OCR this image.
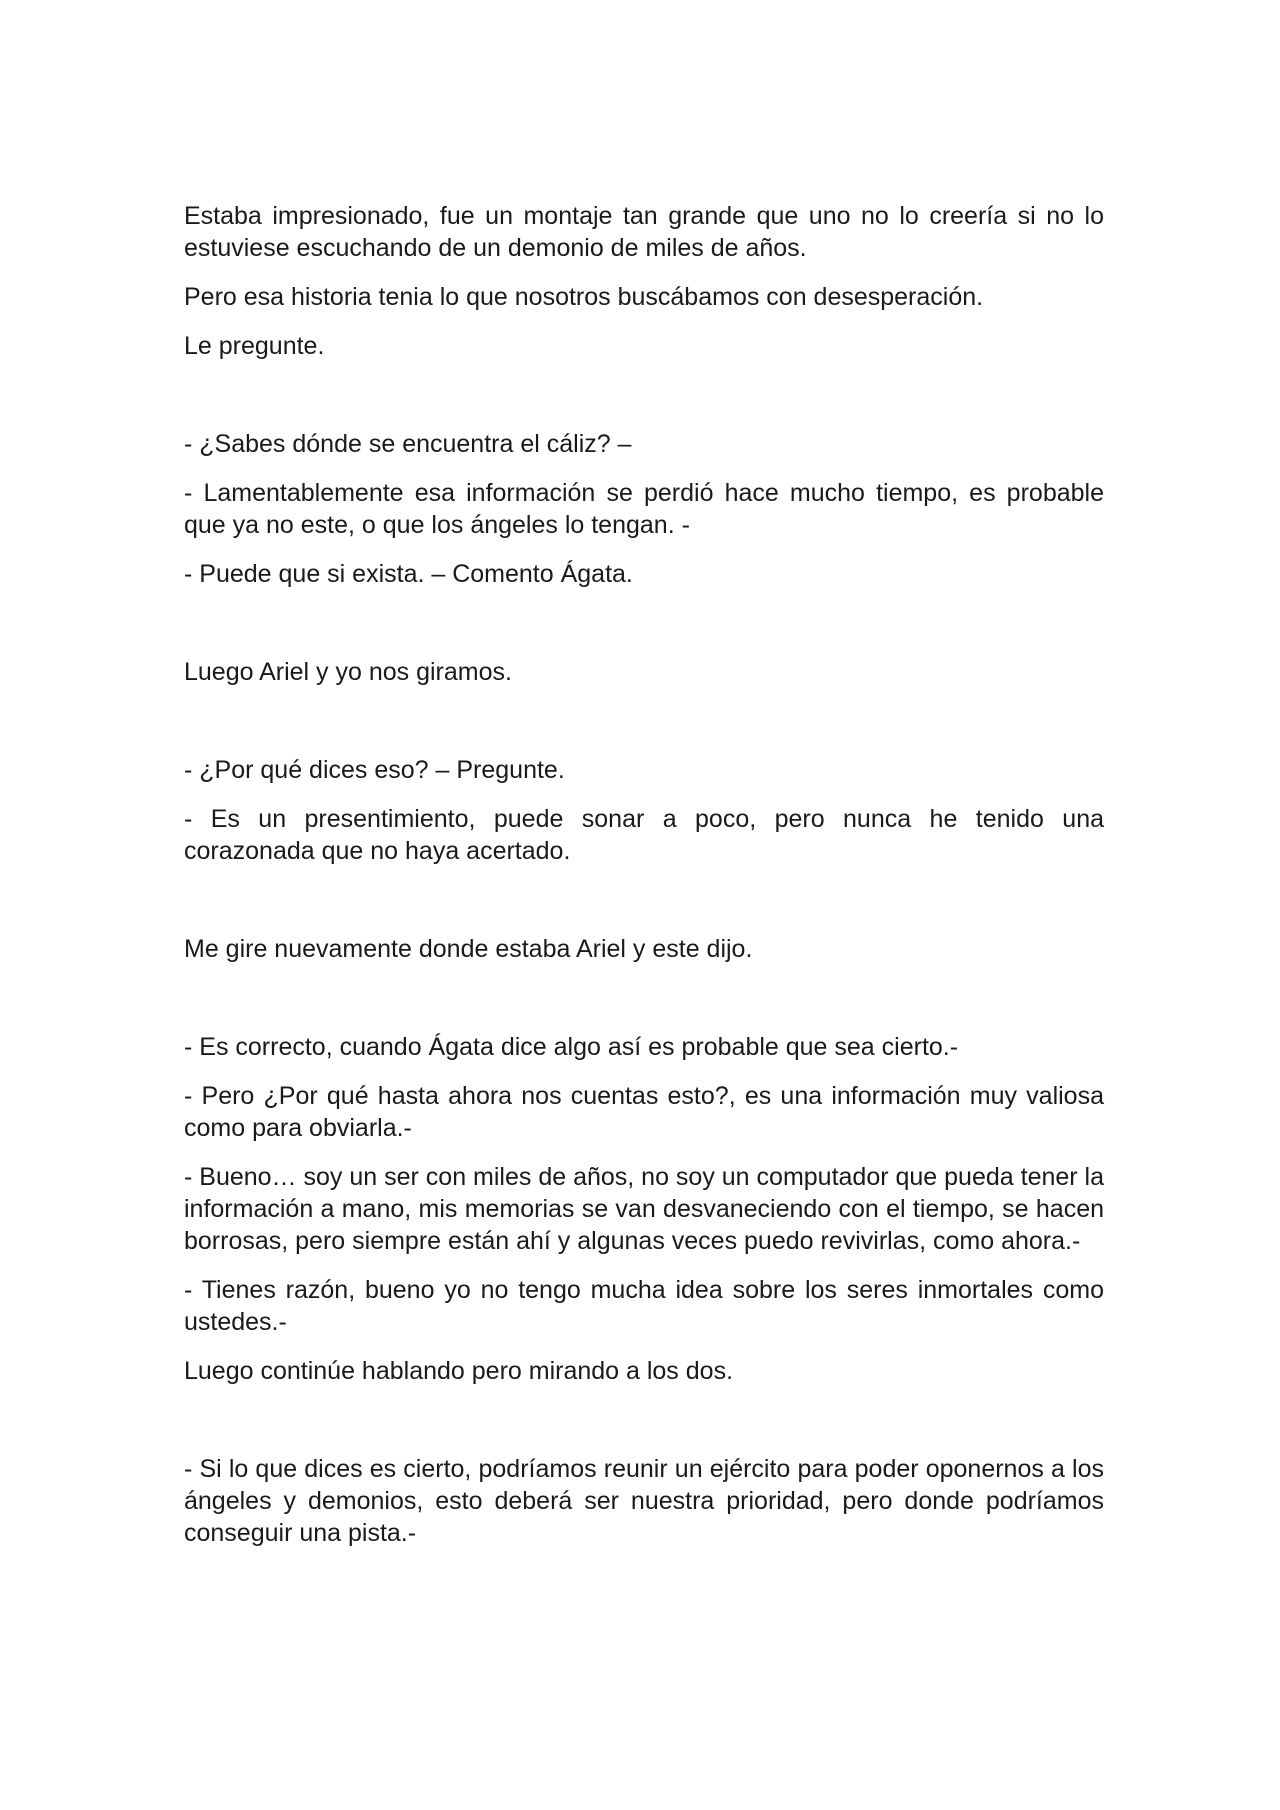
Estaba impresionado, fue un montaje tan grande que uno no lo creería si no lo estuviese escuchando de un demonio de miles de años.

Pero esa historia tenia lo que nosotros buscábamos con desesperación.

Le pregunte.

- ¿Sabes dónde se encuentra el cáliz? –

- Lamentablemente esa información se perdió hace mucho tiempo, es probable que ya no este, o que los ángeles lo tengan. -

- Puede que si exista. – Comento Ágata.

Luego Ariel y yo nos giramos.

- ¿Por qué dices eso? – Pregunte.

- Es un presentimiento, puede sonar a poco, pero nunca he tenido una corazonada que no haya acertado.

Me gire nuevamente donde estaba Ariel y este dijo.

- Es correcto, cuando Ágata dice algo así es probable que sea cierto.-

- Pero ¿Por qué hasta ahora nos cuentas esto?, es una información muy valiosa como para obviarla.-

- Bueno… soy un ser con miles de años, no soy un computador que pueda tener la información a mano, mis memorias se van desvaneciendo con el tiempo, se hacen borrosas, pero siempre están ahí y algunas veces puedo revivirlas, como ahora.-

- Tienes razón, bueno yo no tengo mucha idea sobre los seres inmortales como ustedes.-

Luego continúe hablando pero mirando a los dos.

- Si lo que dices es cierto, podríamos reunir un ejército para poder oponernos a los ángeles y demonios, esto deberá ser nuestra prioridad, pero donde podríamos conseguir una pista.-
